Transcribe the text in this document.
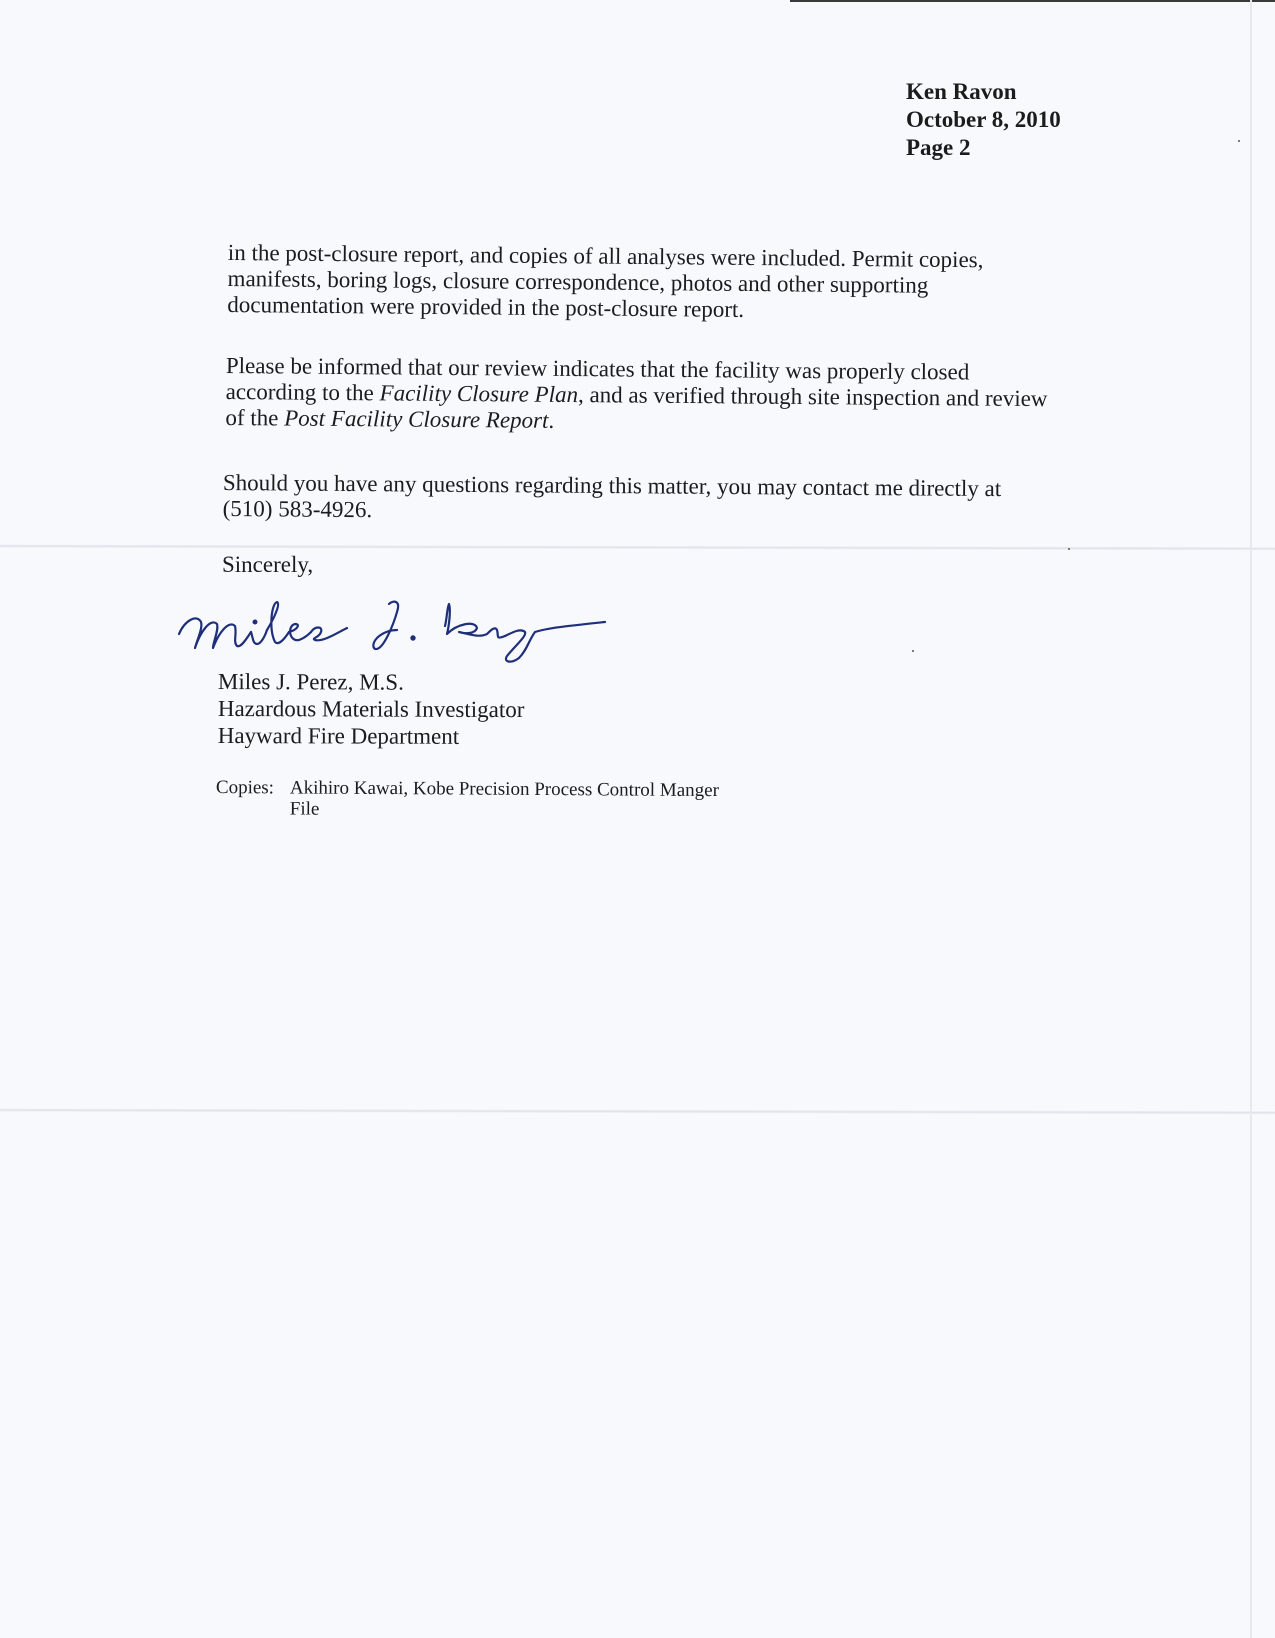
Ken Ravon
October 8, 2010
Page 2
in the post-closure report, and copies of all analyses were included. Permit copies,
manifests, boring logs, closure correspondence, photos and other supporting
documentation were provided in the post-closure report.
Please be informed that our review indicates that the facility was properly closed
according to the Facility Closure Plan, and as verified through site inspection and review
of the Post Facility Closure Report.
Should you have any questions regarding this matter, you may contact me directly at
(510) 583-4926.
Sincerely,
Miles J. Perez, M.S.
Hazardous Materials Investigator
Hayward Fire Department
Copies: Akihiro Kawai, Kobe Precision Process Control Manger
File
